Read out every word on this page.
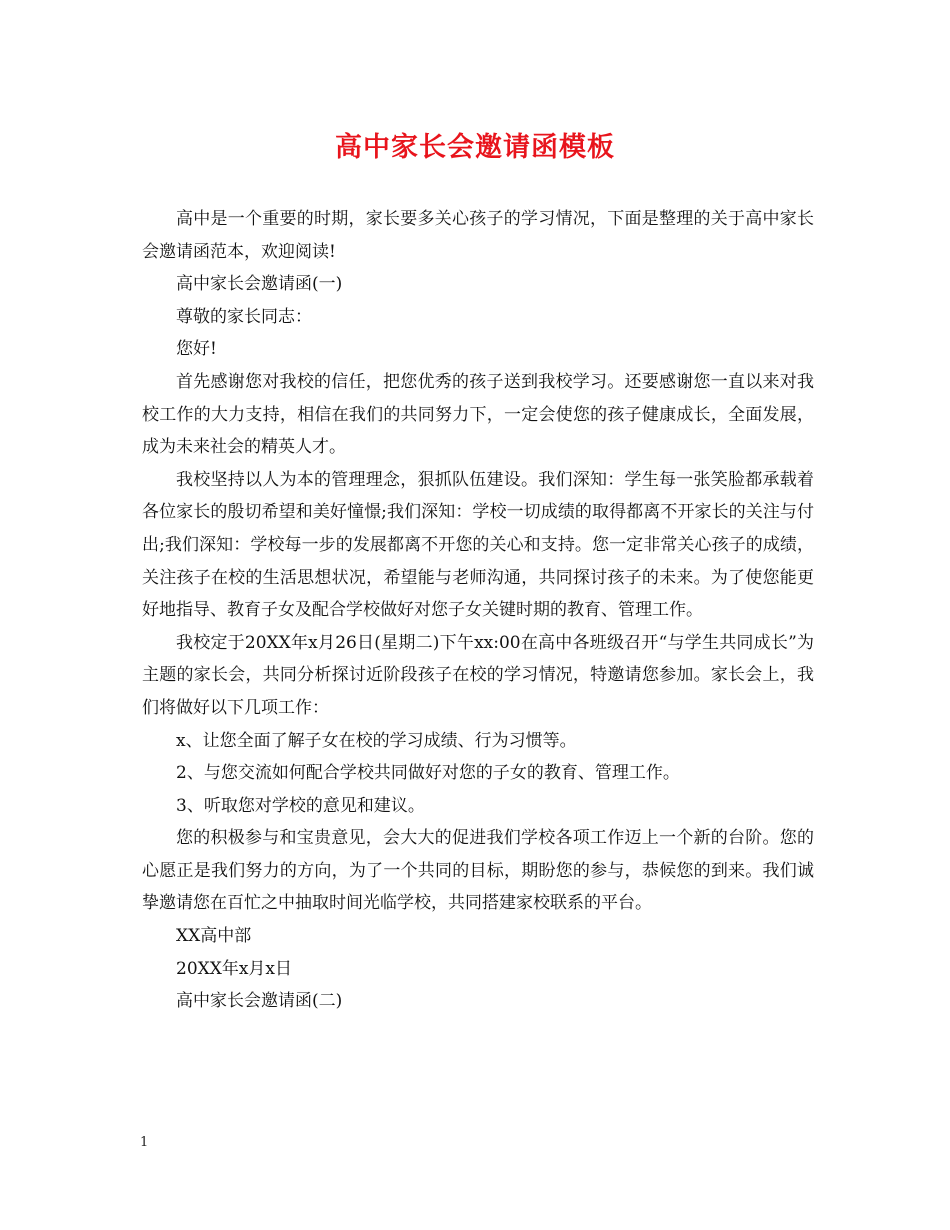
高中家长会邀请函模板

高中是一个重要的时期，家长要多关心孩子的学习情况，下面是整理的关于高中家长会邀请函范本，欢迎阅读!

高中家长会邀请函(一)

尊敬的家长同志：

您好!

首先感谢您对我校的信任，把您优秀的孩子送到我校学习。还要感谢您一直以来对我校工作的大力支持，相信在我们的共同努力下，一定会使您的孩子健康成长，全面发展，成为未来社会的精英人才。

我校坚持以人为本的管理理念，狠抓队伍建设。我们深知：学生每一张笑脸都承载着各位家长的殷切希望和美好憧憬;我们深知：学校一切成绩的取得都离不开家长的关注与付出;我们深知：学校每一步的发展都离不开您的关心和支持。您一定非常关心孩子的成绩，关注孩子在校的生活思想状况，希望能与老师沟通，共同探讨孩子的未来。为了使您能更好地指导、教育子女及配合学校做好对您子女关键时期的教育、管理工作。

我校定于20XX年x月26日(星期二)下午xx:00在高中各班级召开“与学生共同成长”为主题的家长会，共同分析探讨近阶段孩子在校的学习情况，特邀请您参加。家长会上，我们将做好以下几项工作：

x、让您全面了解子女在校的学习成绩、行为习惯等。

2、与您交流如何配合学校共同做好对您的子女的教育、管理工作。

3、听取您对学校的意见和建议。

您的积极参与和宝贵意见，会大大的促进我们学校各项工作迈上一个新的台阶。您的心愿正是我们努力的方向，为了一个共同的目标，期盼您的参与，恭候您的到来。我们诚挚邀请您在百忙之中抽取时间光临学校，共同搭建家校联系的平台。

XX高中部

20XX年x月x日

高中家长会邀请函(二)

1
